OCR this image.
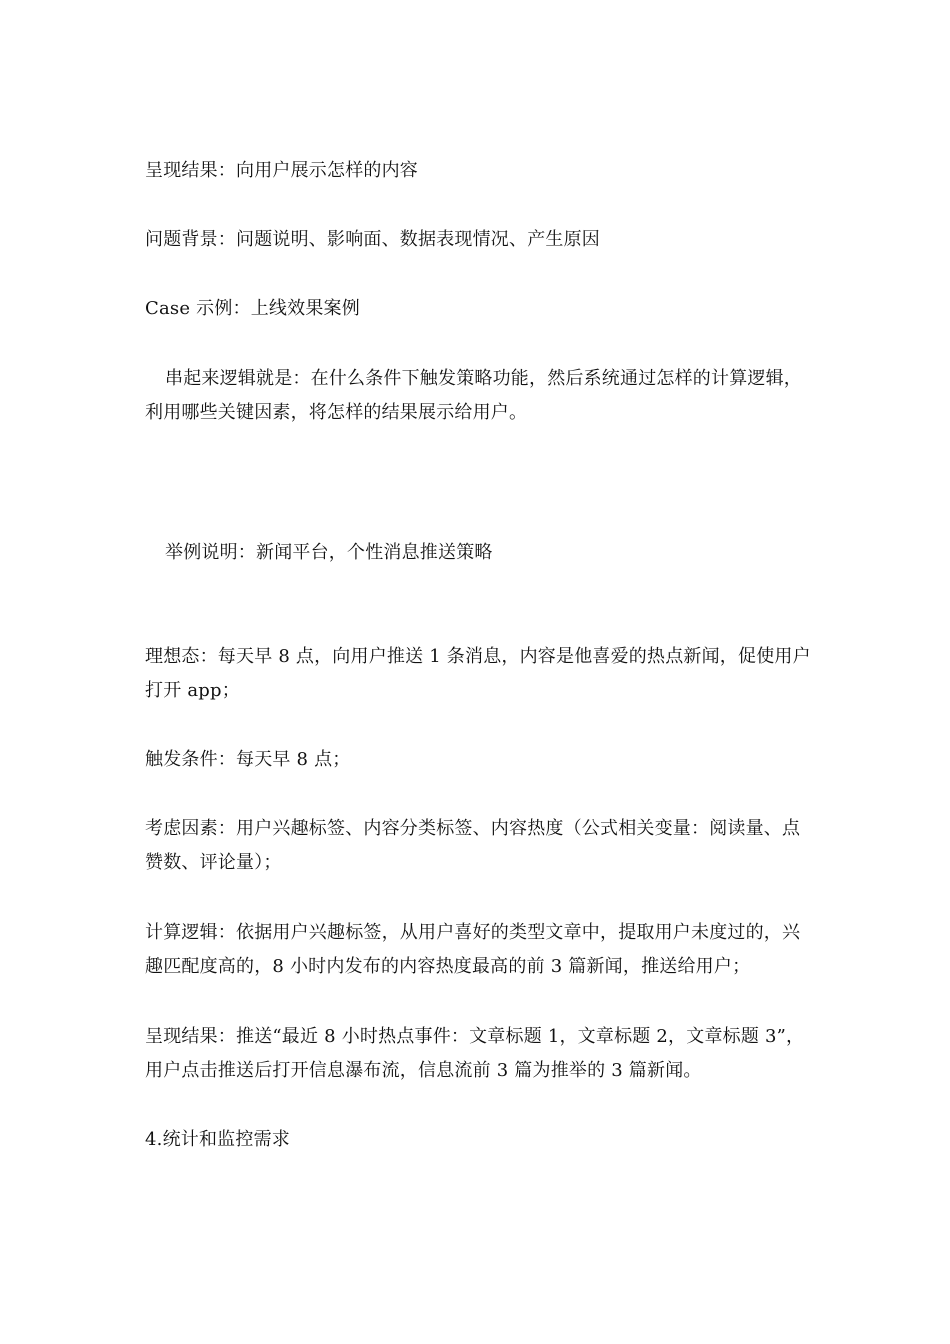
呈现结果：向用户展示怎样的内容

问题背景：问题说明、影响面、数据表现情况、产生原因

Case 示例：上线效果案例

串起来逻辑就是：在什么条件下触发策略功能，然后系统通过怎样的计算逻辑，利用哪些关键因素，将怎样的结果展示给用户。

举例说明：新闻平台，个性消息推送策略

理想态：每天早 8 点，向用户推送 1 条消息，内容是他喜爱的热点新闻，促使用户打开 app；

触发条件：每天早 8 点；

考虑因素：用户兴趣标签、内容分类标签、内容热度（公式相关变量：阅读量、点赞数、评论量）；

计算逻辑：依据用户兴趣标签，从用户喜好的类型文章中，提取用户未度过的，兴趣匹配度高的，8 小时内发布的内容热度最高的前 3 篇新闻，推送给用户；

呈现结果：推送“最近 8 小时热点事件：文章标题 1，文章标题 2，文章标题 3”，用户点击推送后打开信息瀑布流，信息流前 3 篇为推举的 3 篇新闻。

4.统计和监控需求
